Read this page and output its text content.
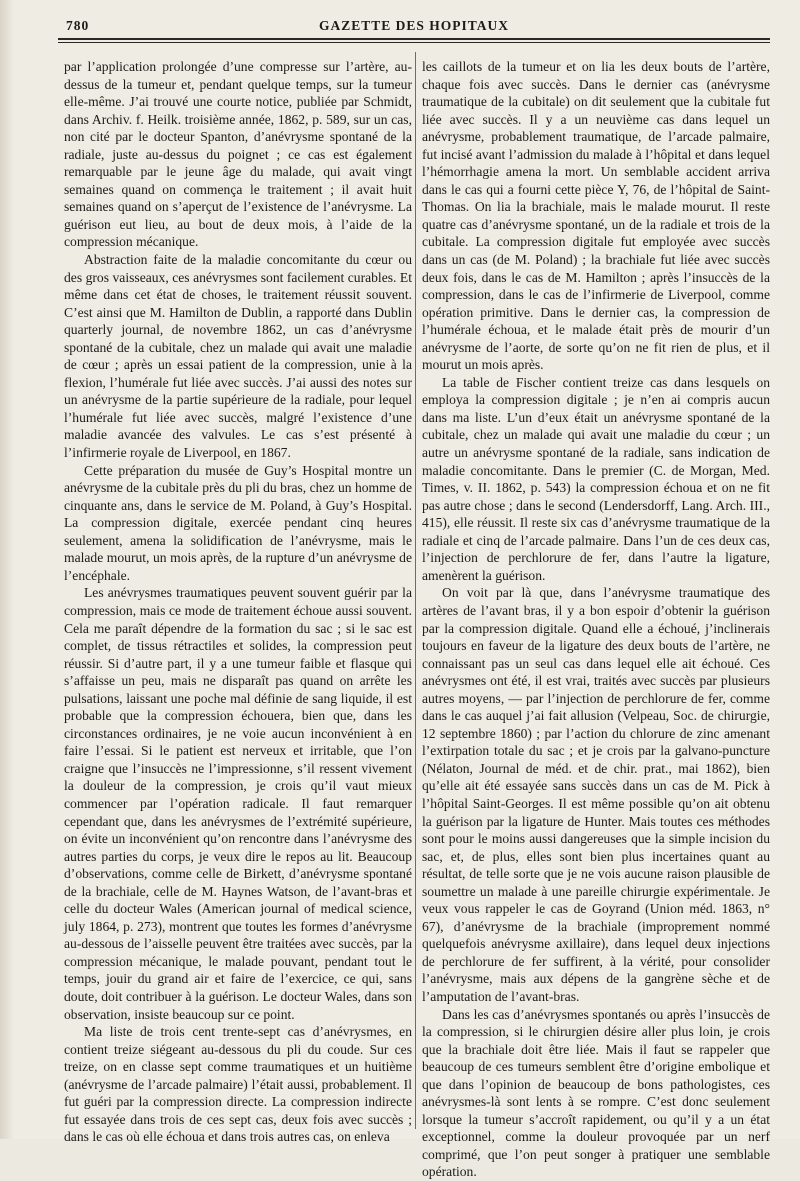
780	GAZETTE DES HOPITAUX

par l’application prolongée d’une compresse sur l’artère, au-dessus de la tumeur et, pendant quelque temps, sur la tumeur elle-même. J’ai trouvé une courte notice, publiée par Schmidt, dans Archiv. f. Heilk. troisième année, 1862, p. 589, sur un cas, non cité par le docteur Spanton, d’anévrysme spontané de la radiale, juste au-dessus du poignet ; ce cas est également remarquable par le jeune âge du malade, qui avait vingt semaines quand on commença le traitement ; il avait huit semaines quand on s’aperçut de l’existence de l’anévrysme. La guérison eut lieu, au bout de deux mois, à l’aide de la compression mécanique.

Abstraction faite de la maladie concomitante du cœur ou des gros vaisseaux, ces anévrysmes sont facilement curables. Et même dans cet état de choses, le traitement réussit souvent. C’est ainsi que M. Hamilton de Dublin, a rapporté dans Dublin quarterly journal, de novembre 1862, un cas d’anévrysme spontané de la cubitale, chez un malade qui avait une maladie de cœur ; après un essai patient de la compression, unie à la flexion, l’humérale fut liée avec succès. J’ai aussi des notes sur un anévrysme de la partie supérieure de la radiale, pour lequel l’humérale fut liée avec succès, malgré l’existence d’une maladie avancée des valvules. Le cas s’est présenté à l’infirmerie royale de Liverpool, en 1867.

Cette préparation du musée de Guy’s Hospital montre un anévrysme de la cubitale près du pli du bras, chez un homme de cinquante ans, dans le service de M. Poland, à Guy’s Hospital. La compression digitale, exercée pendant cinq heures seulement, amena la solidification de l’anévrysme, mais le malade mourut, un mois après, de la rupture d’un anévrysme de l’encéphale.

Les anévrysmes traumatiques peuvent souvent guérir par la compression, mais ce mode de traitement échoue aussi souvent. Cela me paraît dépendre de la formation du sac ; si le sac est complet, de tissus rétractiles et solides, la compression peut réussir. Si d’autre part, il y a une tumeur faible et flasque qui s’affaisse un peu, mais ne disparaît pas quand on arrête les pulsations, laissant une poche mal définie de sang liquide, il est probable que la compression échouera, bien que, dans les circonstances ordinaires, je ne voie aucun inconvénient à en faire l’essai. Si le patient est nerveux et irritable, que l’on craigne que l’insuccès ne l’impressionne, s’il ressent vivement la douleur de la compression, je crois qu’il vaut mieux commencer par l’opération radicale. Il faut remarquer cependant que, dans les anévrysmes de l’extrémité supérieure, on évite un inconvénient qu’on rencontre dans l’anévrysme des autres parties du corps, je veux dire le repos au lit. Beaucoup d’observations, comme celle de Birkett, d’anévrysme spontané de la brachiale, celle de M. Haynes Watson, de l’avant-bras et celle du docteur Wales (American journal of medical science, july 1864, p. 273), montrent que toutes les formes d’anévrysme au-dessous de l’aisselle peuvent être traitées avec succès, par la compression mécanique, le malade pouvant, pendant tout le temps, jouir du grand air et faire de l’exercice, ce qui, sans doute, doit contribuer à la guérison. Le docteur Wales, dans son observation, insiste beaucoup sur ce point.

Ma liste de trois cent trente-sept cas d’anévrysmes, en contient treize siégeant au-dessous du pli du coude. Sur ces treize, on en classe sept comme traumatiques et un huitième (anévrysme de l’arcade palmaire) l’était aussi, probablement. Il fut guéri par la compression directe. La compression indirecte fut essayée dans trois de ces sept cas, deux fois avec succès ; dans le cas où elle échoua et dans trois autres cas, on enleva

les caillots de la tumeur et on lia les deux bouts de l’artère, chaque fois avec succès. Dans le dernier cas (anévrysme traumatique de la cubitale) on dit seulement que la cubitale fut liée avec succès. Il y a un neuvième cas dans lequel un anévrysme, probablement traumatique, de l’arcade palmaire, fut incisé avant l’admission du malade à l’hôpital et dans lequel l’hémorrhagie amena la mort. Un semblable accident arriva dans le cas qui a fourni cette pièce Y, 76, de l’hôpital de Saint-Thomas. On lia la brachiale, mais le malade mourut. Il reste quatre cas d’anévrysme spontané, un de la radiale et trois de la cubitale. La compression digitale fut employée avec succès dans un cas (de M. Poland) ; la brachiale fut liée avec succès deux fois, dans le cas de M. Hamilton ; après l’insuccès de la compression, dans le cas de l’infirmerie de Liverpool, comme opération primitive. Dans le dernier cas, la compression de l’humérale échoua, et le malade était près de mourir d’un anévrysme de l’aorte, de sorte qu’on ne fit rien de plus, et il mourut un mois après.

La table de Fischer contient treize cas dans lesquels on employa la compression digitale ; je n’en ai compris aucun dans ma liste. L’un d’eux était un anévrysme spontané de la cubitale, chez un malade qui avait une maladie du cœur ; un autre un anévrysme spontané de la radiale, sans indication de maladie concomitante. Dans le premier (C. de Morgan, Med. Times, v. II. 1862, p. 543) la compression échoua et on ne fit pas autre chose ; dans le second (Lendersdorff, Lang. Arch. III., 415), elle réussit. Il reste six cas d’anévrysme traumatique de la radiale et cinq de l’arcade palmaire. Dans l’un de ces deux cas, l’injection de perchlorure de fer, dans l’autre la ligature, amenèrent la guérison.

On voit par là que, dans l’anévrysme traumatique des artères de l’avant bras, il y a bon espoir d’obtenir la guérison par la compression digitale. Quand elle a échoué, j’inclinerais toujours en faveur de la ligature des deux bouts de l’artère, ne connaissant pas un seul cas dans lequel elle ait échoué. Ces anévrysmes ont été, il est vrai, traités avec succès par plusieurs autres moyens, — par l’injection de perchlorure de fer, comme dans le cas auquel j’ai fait allusion (Velpeau, Soc. de chirurgie, 12 septembre 1860) ; par l’action du chlorure de zinc amenant l’extirpation totale du sac ; et je crois par la galvano-puncture (Nélaton, Journal de méd. et de chir. prat., mai 1862), bien qu’elle ait été essayée sans succès dans un cas de M. Pick à l’hôpital Saint-Georges. Il est même possible qu’on ait obtenu la guérison par la ligature de Hunter. Mais toutes ces méthodes sont pour le moins aussi dangereuses que la simple incision du sac, et, de plus, elles sont bien plus incertaines quant au résultat, de telle sorte que je ne vois aucune raison plausible de soumettre un malade à une pareille chirurgie expérimentale. Je veux vous rappeler le cas de Goyrand (Union méd. 1863, n° 67), d’anévrysme de la brachiale (improprement nommé quelquefois anévrysme axillaire), dans lequel deux injections de perchlorure de fer suffirent, à la vérité, pour consolider l’anévrysme, mais aux dépens de la gangrène sèche et de l’amputation de l’avant-bras.

Dans les cas d’anévrysmes spontanés ou après l’insuccès de la compression, si le chirurgien désire aller plus loin, je crois que la brachiale doit être liée. Mais il faut se rappeler que beaucoup de ces tumeurs semblent être d’origine embolique et que dans l’opinion de beaucoup de bons pathologistes, ces anévrysmes-là sont lents à se rompre. C’est donc seulement lorsque la tumeur s’accroît rapidement, ou qu’il y a un état exceptionnel, comme la douleur provoquée par un nerf comprimé, que l’on peut songer à pratiquer une semblable opération.
